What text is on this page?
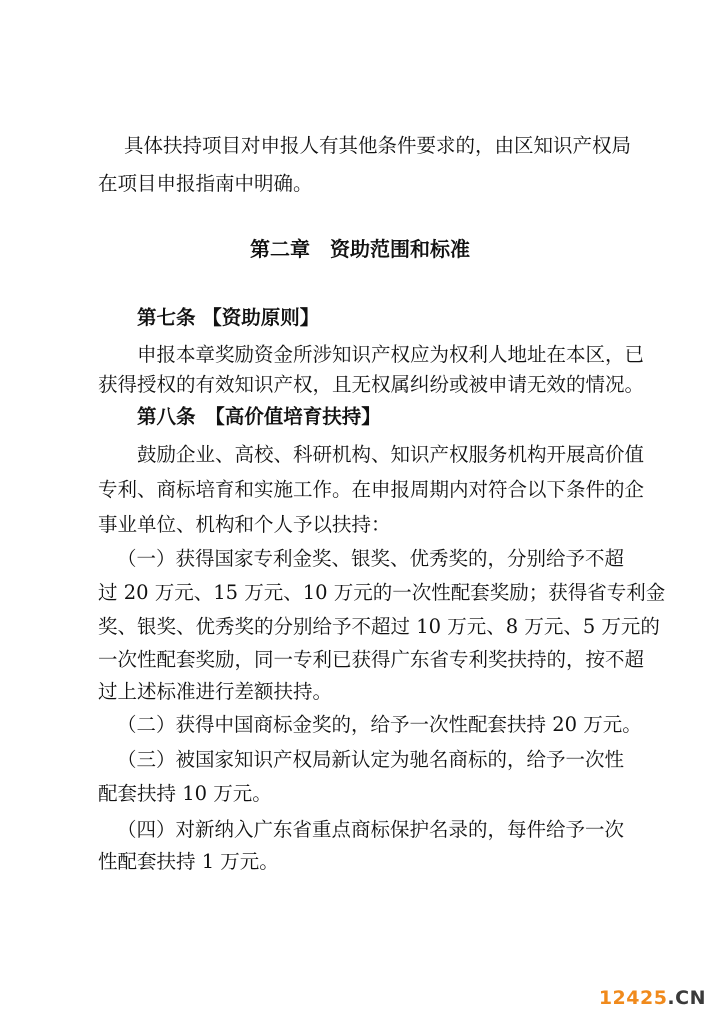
具体扶持项目对申报人有其他条件要求的，由区知识产权局
在项目申报指南中明确。
第二章　资助范围和标准
第七条 【资助原则】
申报本章奖励资金所涉知识产权应为权利人地址在本区，已
获得授权的有效知识产权，且无权属纠纷或被申请无效的情况。
第八条　【高价值培育扶持】
鼓励企业、高校、科研机构、知识产权服务机构开展高价值
专利、商标培育和实施工作。在申报周期内对符合以下条件的企
事业单位、机构和个人予以扶持：
（一）获得国家专利金奖、银奖、优秀奖的，分别给予不超
过 20 万元、15 万元、10 万元的一次性配套奖励；获得省专利金
奖、银奖、优秀奖的分别给予不超过 10 万元、8 万元、5 万元的
一次性配套奖励，同一专利已获得广东省专利奖扶持的，按不超
过上述标准进行差额扶持。
（二）获得中国商标金奖的，给予一次性配套扶持 20 万元。
（三）被国家知识产权局新认定为驰名商标的，给予一次性
配套扶持 10 万元。
（四）对新纳入广东省重点商标保护名录的，每件给予一次
性配套扶持 1 万元。
12425.CN
